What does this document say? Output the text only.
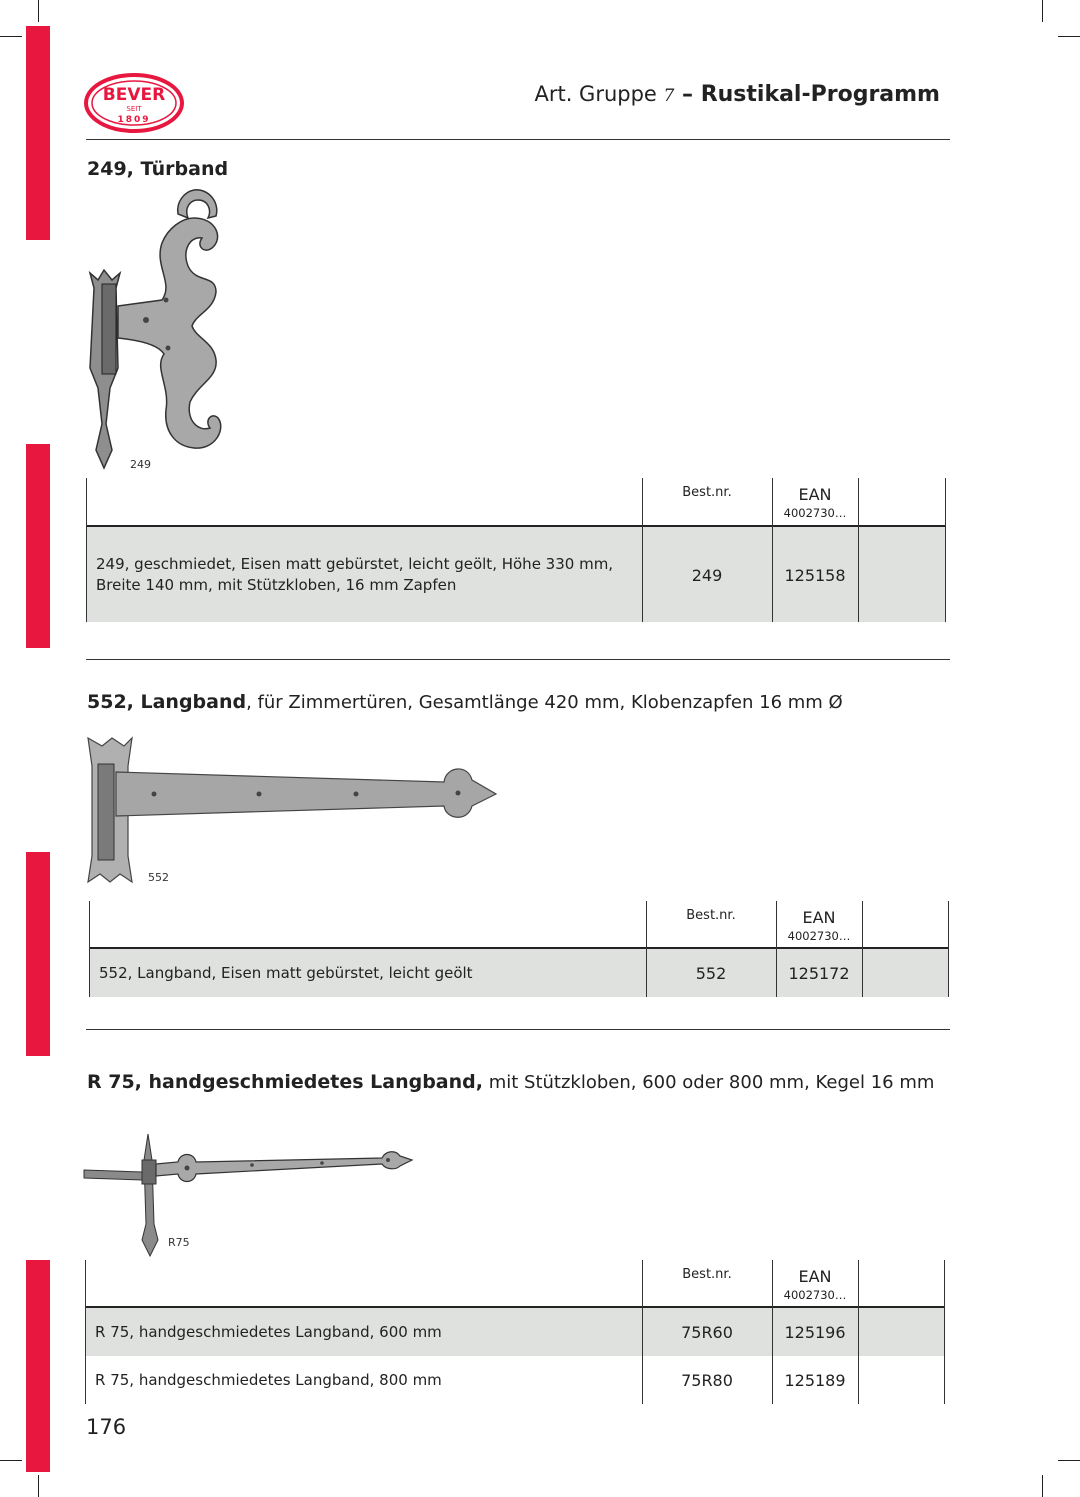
BEVER
SEIT
1809
Art. Gruppe 7 – Rustikal-Programm
249, Türband
249
Best.nr.	EAN
4002730…
249, geschmiedet, Eisen matt gebürstet, leicht geölt, Höhe 330 mm,
Breite 140 mm, mit Stützkloben, 16 mm Zapfen	249	125158
552, Langband, für Zimmertüren, Gesamtlänge 420 mm, Klobenzapfen 16 mm Ø
552
Best.nr.	EAN
4002730…
552, Langband, Eisen matt gebürstet, leicht geölt	552	125172
R 75, handgeschmiedetes Langband, mit Stützkloben, 600 oder 800 mm, Kegel 16 mm
R75
Best.nr.	EAN
4002730…
R 75, handgeschmiedetes Langband, 600 mm	75R60	125196
R 75, handgeschmiedetes Langband, 800 mm	75R80	125189
176
